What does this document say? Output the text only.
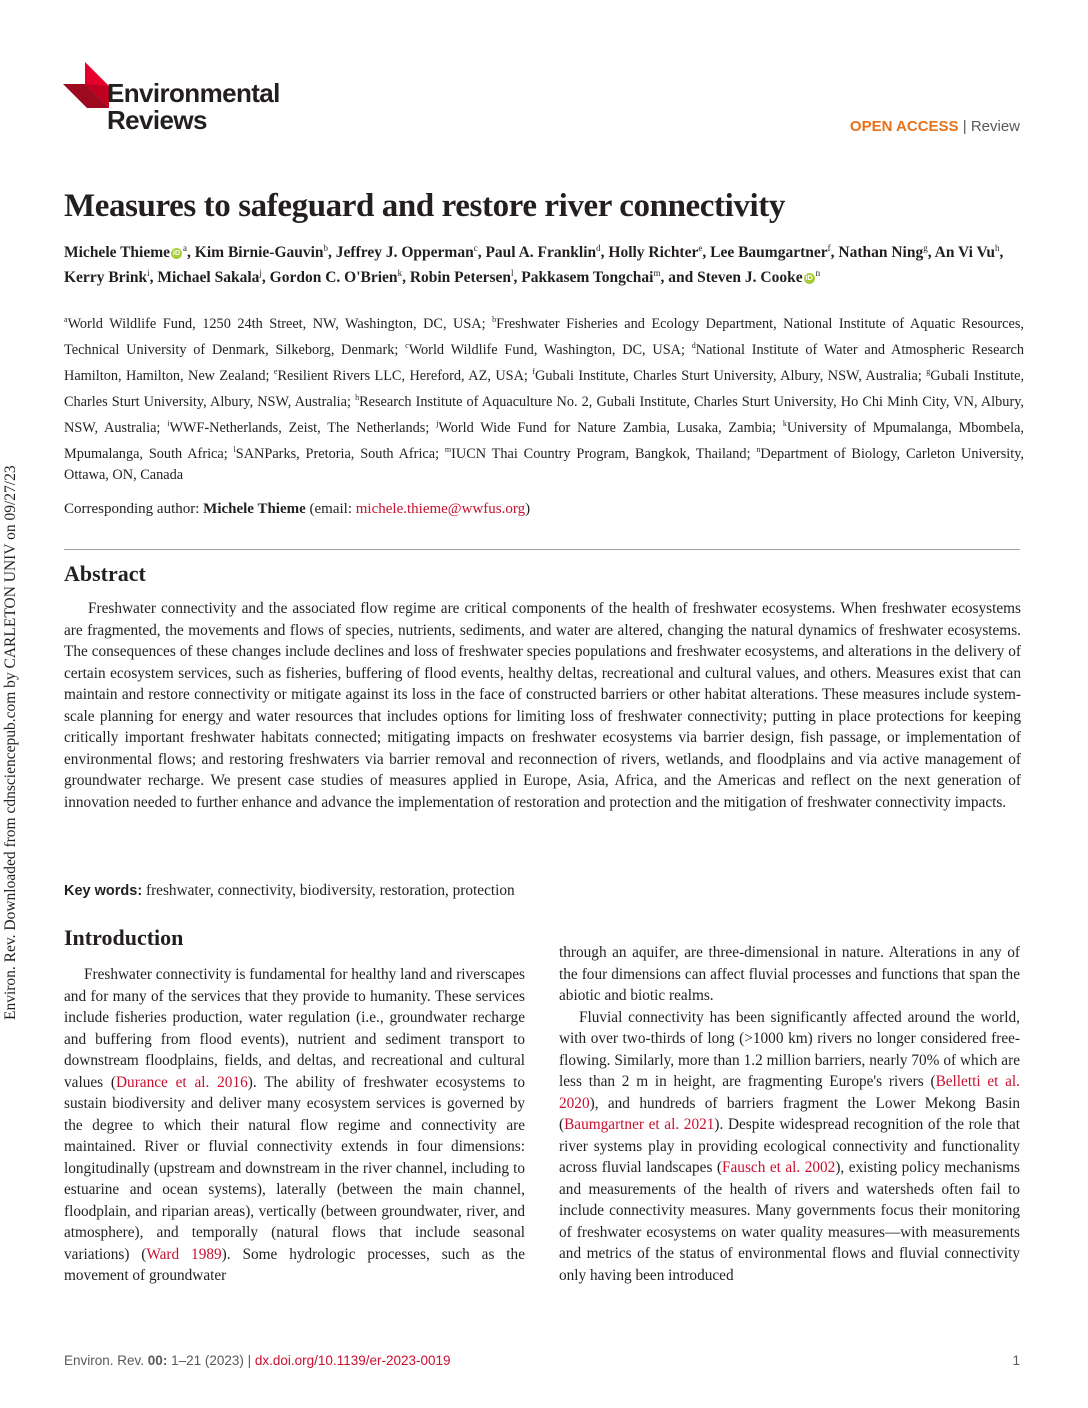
Environ. Rev. Downloaded from cdnsciencepub.com by CARLETON UNIV on 09/27/23
Environmental
Reviews	OPEN ACCESS | Review
Measures to safeguard and restore river connectivity
Michele Thieme $iD^a$, Kim Birnie-Gauvin$^b$, Jeffrey J. Opperman$^c$, Paul A. Franklin$^d$, Holly Richter$^e$, Lee Baumgartner$^f$, Nathan Ning$^g$, An Vi Vu$^h$, Kerry Brink$^i$, Michael Sakala$^j$, Gordon C. O'Brien$^k$, Robin Petersen$^l$, Pakkasem Tongchai$^m$, and Steven J. Cooke $iD^n$
$^a$World Wildlife Fund, 1250 24th Street, NW, Washington, DC, USA; $^b$Freshwater Fisheries and Ecology Department, National Institute of Aquatic Resources, Technical University of Denmark, Silkeborg, Denmark; $^c$World Wildlife Fund, Washington, DC, USA; $^d$National Institute of Water and Atmospheric Research Hamilton, Hamilton, New Zealand; $^e$Resilient Rivers LLC, Hereford, AZ, USA; $^f$Gubali Institute, Charles Sturt University, Albury, NSW, Australia; $^g$Gubali Institute, Charles Sturt University, Albury, NSW, Australia; $^h$Research Institute of Aquaculture No. 2, Gubali Institute, Charles Sturt University, Ho Chi Minh City, VN, Albury, NSW, Australia; $^i$WWF-Netherlands, Zeist, The Netherlands; $^j$World Wide Fund for Nature Zambia, Lusaka, Zambia; $^k$University of Mpumalanga, Mbombela, Mpumalanga, South Africa; $^l$SANParks, Pretoria, South Africa; $^m$IUCN Thai Country Program, Bangkok, Thailand; $^n$Department of Biology, Carleton University, Ottawa, ON, Canada
Corresponding author: Michele Thieme (email: michele.thieme@wwfus.org)
Abstract

Freshwater connectivity and the associated flow regime are critical components of the health of freshwater ecosystems. When freshwater ecosystems are fragmented, the movements and flows of species, nutrients, sediments, and water are altered, changing the natural dynamics of freshwater ecosystems. The consequences of these changes include declines and loss of freshwater species populations and freshwater ecosystems, and alterations in the delivery of certain ecosystem services, such as fisheries, buffering of flood events, healthy deltas, recreational and cultural values, and others. Measures exist that can maintain and restore connectivity or mitigate against its loss in the face of constructed barriers or other habitat alterations. These measures include system-scale planning for energy and water resources that includes options for limiting loss of freshwater connectivity; putting in place protections for keeping critically important freshwater habitats connected; mitigating impacts on freshwater ecosystems via barrier design, fish passage, or implementation of environmental flows; and restoring freshwaters via barrier removal and reconnection of rivers, wetlands, and floodplains and via active management of groundwater recharge. We present case studies of measures applied in Europe, Asia, Africa, and the Americas and reflect on the next generation of innovation needed to further enhance and advance the implementation of restoration and protection and the mitigation of freshwater connectivity impacts.

Key words: freshwater, connectivity, biodiversity, restoration, protection
Introduction

Freshwater connectivity is fundamental for healthy land and riverscapes and for many of the services that they provide to humanity. These services include fisheries production, water regulation (i.e., groundwater recharge and buffering from flood events), nutrient and sediment transport to downstream floodplains, fields, and deltas, and recreational and cultural values (Durance et al. 2016). The ability of freshwater ecosystems to sustain biodiversity and deliver many ecosystem services is governed by the degree to which their natural flow regime and connectivity are maintained. River or fluvial connectivity extends in four dimensions: longitudinally (upstream and downstream in the river channel, including to estuarine and ocean systems), laterally (between the main channel, floodplain, and riparian areas), vertically (between groundwater, river, and atmosphere), and temporally (natural flows that include seasonal variations) (Ward 1989). Some hydrologic processes, such as the movement of groundwater

through an aquifer, are three-dimensional in nature. Alterations in any of the four dimensions can affect fluvial processes and functions that span the abiotic and biotic realms.

Fluvial connectivity has been significantly affected around the world, with over two-thirds of long (>1000 km) rivers no longer considered free-flowing. Similarly, more than 1.2 million barriers, nearly 70% of which are less than 2 m in height, are fragmenting Europe's rivers (Belletti et al. 2020), and hundreds of barriers fragment the Lower Mekong Basin (Baumgartner et al. 2021). Despite widespread recognition of the role that river systems play in providing ecological connectivity and functionality across fluvial landscapes (Fausch et al. 2002), existing policy mechanisms and measurements of the health of rivers and watersheds often fail to include connectivity measures. Many governments focus their monitoring of freshwater ecosystems on water quality measures—with measurements and metrics of the status of environmental flows and fluvial connectivity only having been introduced

Environ. Rev. 00: 1–21 (2023) | dx.doi.org/10.1139/er-2023-0019	1
